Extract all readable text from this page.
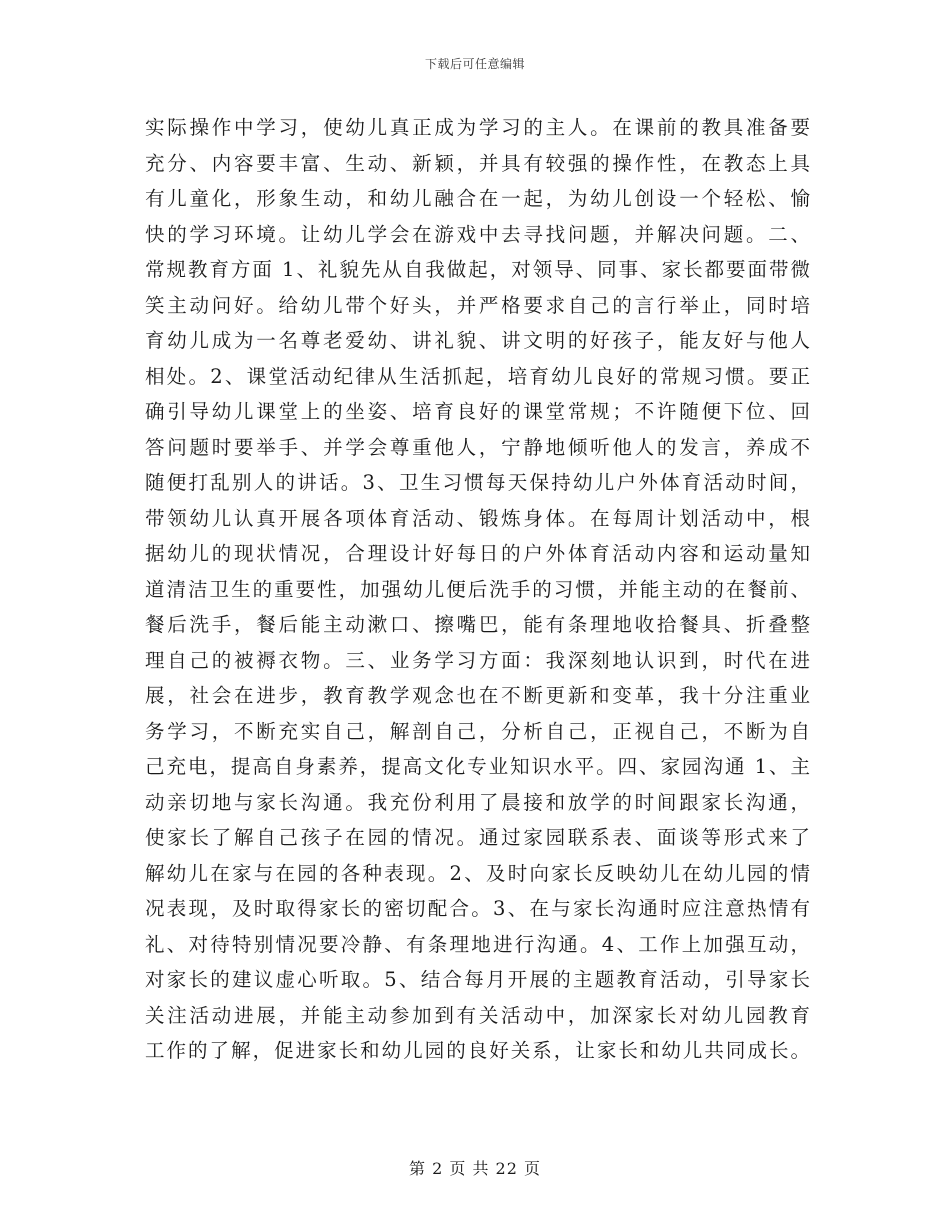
下载后可任意编辑
实际操作中学习，使幼儿真正成为学习的主人。在课前的教具准备要
充分、内容要丰富、生动、新颖，并具有较强的操作性，在教态上具
有儿童化，形象生动，和幼儿融合在一起，为幼儿创设一个轻松、愉
快的学习环境。让幼儿学会在游戏中去寻找问题，并解决问题。二、
常规教育方面 1、礼貌先从自我做起，对领导、同事、家长都要面带微
笑主动问好。给幼儿带个好头，并严格要求自己的言行举止，同时培
育幼儿成为一名尊老爱幼、讲礼貌、讲文明的好孩子，能友好与他人
相处。2、课堂活动纪律从生活抓起，培育幼儿良好的常规习惯。要正
确引导幼儿课堂上的坐姿、培育良好的课堂常规；不许随便下位、回
答问题时要举手、并学会尊重他人，宁静地倾听他人的发言，养成不
随便打乱别人的讲话。3、卫生习惯每天保持幼儿户外体育活动时间，
带领幼儿认真开展各项体育活动、锻炼身体。在每周计划活动中，根
据幼儿的现状情况，合理设计好每日的户外体育活动内容和运动量知
道清洁卫生的重要性，加强幼儿便后洗手的习惯，并能主动的在餐前、
餐后洗手，餐后能主动漱口、擦嘴巴，能有条理地收拾餐具、折叠整
理自己的被褥衣物。三、业务学习方面：我深刻地认识到，时代在进
展，社会在进步，教育教学观念也在不断更新和变革，我十分注重业
务学习，不断充实自己，解剖自己，分析自己，正视自己，不断为自
己充电，提高自身素养，提高文化专业知识水平。四、家园沟通 1、主
动亲切地与家长沟通。我充份利用了晨接和放学的时间跟家长沟通，
使家长了解自己孩子在园的情况。通过家园联系表、面谈等形式来了
解幼儿在家与在园的各种表现。2、及时向家长反映幼儿在幼儿园的情
况表现，及时取得家长的密切配合。3、在与家长沟通时应注意热情有
礼、对待特别情况要冷静、有条理地进行沟通。4、工作上加强互动，
对家长的建议虚心听取。5、结合每月开展的主题教育活动，引导家长
关注活动进展，并能主动参加到有关活动中，加深家长对幼儿园教育
工作的了解，促进家长和幼儿园的良好关系，让家长和幼儿共同成长。
第 2 页 共 22 页
